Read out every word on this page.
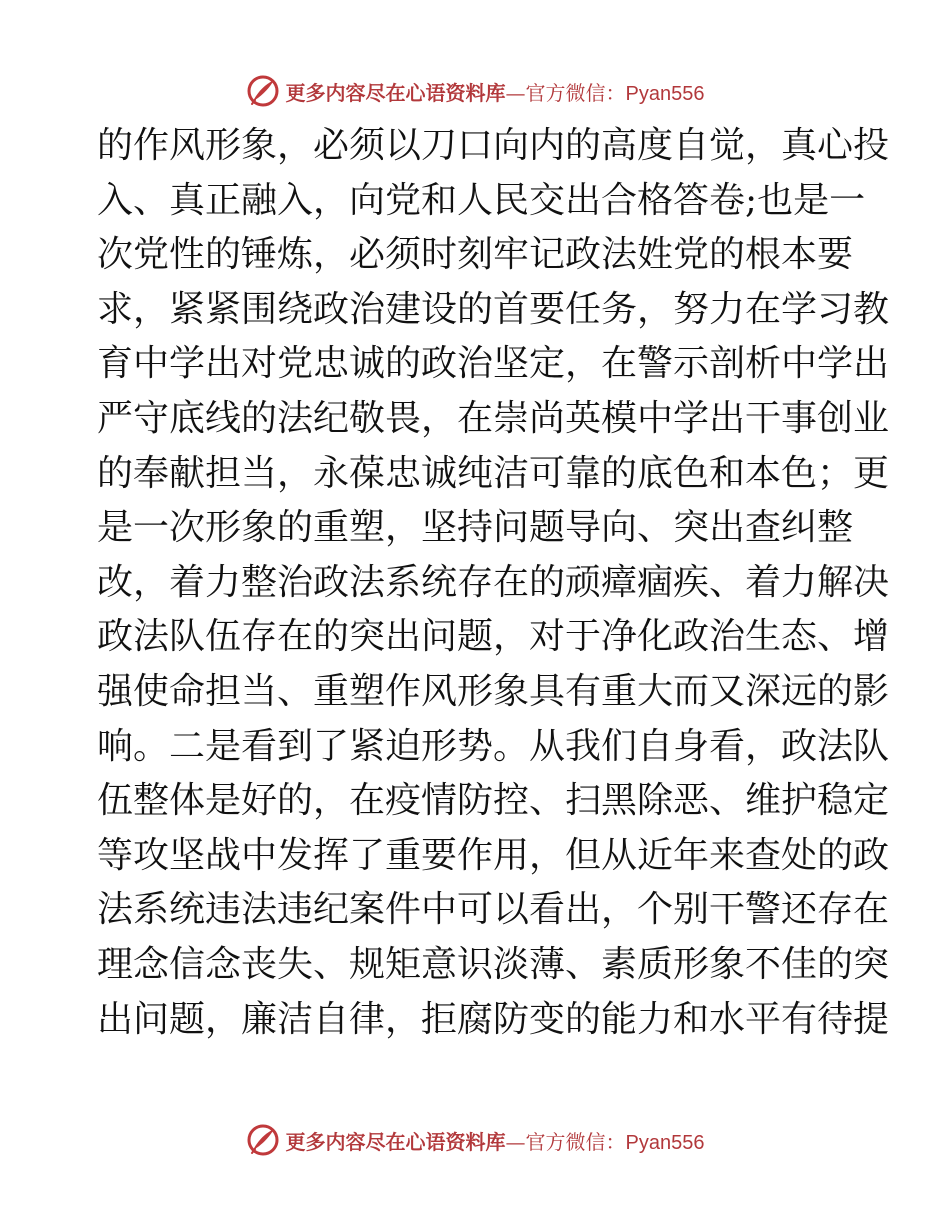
更多内容尽在心语资料库—官方微信：Pyan556
的作风形象，必须以刀口向内的高度自觉，真心投
入、真正融入，向党和人民交出合格答卷;也是一
次党性的锤炼，必须时刻牢记政法姓党的根本要
求，紧紧围绕政治建设的首要任务，努力在学习教
育中学出对党忠诚的政治坚定，在警示剖析中学出
严守底线的法纪敬畏，在崇尚英模中学出干事创业
的奉献担当，永葆忠诚纯洁可靠的底色和本色；更
是一次形象的重塑，坚持问题导向、突出查纠整
改，着力整治政法系统存在的顽瘴痼疾、着力解决
政法队伍存在的突出问题，对于净化政治生态、增
强使命担当、重塑作风形象具有重大而又深远的影
响。二是看到了紧迫形势。从我们自身看，政法队
伍整体是好的，在疫情防控、扫黑除恶、维护稳定
等攻坚战中发挥了重要作用，但从近年来查处的政
法系统违法违纪案件中可以看出，个别干警还存在
理念信念丧失、规矩意识淡薄、素质形象不佳的突
出问题，廉洁自律，拒腐防变的能力和水平有待提
更多内容尽在心语资料库—官方微信：Pyan556
